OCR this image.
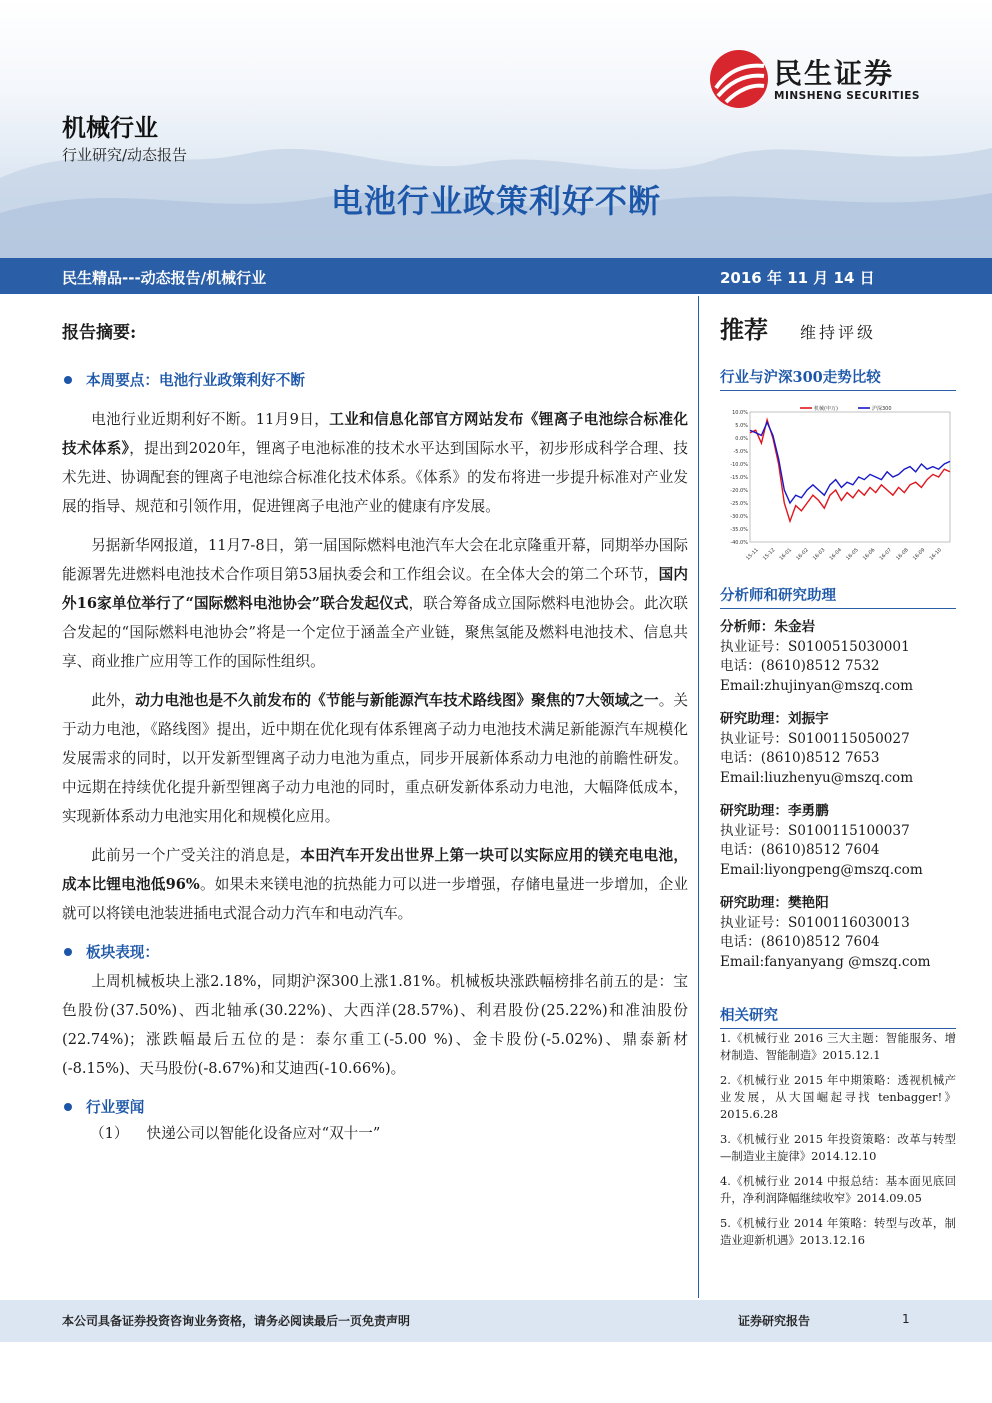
民生证券
MINSHENG SECURITIES
机械行业
行业研究/动态报告
电池行业政策利好不断
民生精品---动态报告/机械行业	2016 年 11 月 14 日
报告摘要:
本周要点：电池行业政策利好不断

电池行业近期利好不断。11月9日，工业和信息化部官方网站发布《锂离子电池综合标准化技术体系》，提出到2020年，锂离子电池标准的技术水平达到国际水平，初步形成科学合理、技术先进、协调配套的锂离子电池综合标准化技术体系。《体系》的发布将进一步提升标准对产业发展的指导、规范和引领作用，促进锂离子电池产业的健康有序发展。

另据新华网报道，11月7-8日，第一届国际燃料电池汽车大会在北京隆重开幕，同期举办国际能源署先进燃料电池技术合作项目第53届执委会和工作组会议。在全体大会的第二个环节，国内外16家单位举行了“国际燃料电池协会”联合发起仪式，联合筹备成立国际燃料电池协会。此次联合发起的“国际燃料电池协会”将是一个定位于涵盖全产业链，聚焦氢能及燃料电池技术、信息共享、商业推广应用等工作的国际性组织。

此外，动力电池也是不久前发布的《节能与新能源汽车技术路线图》聚焦的7大领域之一。关于动力电池，《路线图》提出，近中期在优化现有体系锂离子动力电池技术满足新能源汽车规模化发展需求的同时，以开发新型锂离子动力电池为重点，同步开展新体系动力电池的前瞻性研发。中远期在持续优化提升新型锂离子动力电池的同时，重点研发新体系动力电池，大幅降低成本，实现新体系动力电池实用化和规模化应用。

此前另一个广受关注的消息是，本田汽车开发出世界上第一块可以实际应用的镁充电电池，成本比锂电池低96%。如果未来镁电池的抗热能力可以进一步增强，存储电量进一步增加，企业就可以将镁电池装进插电式混合动力汽车和电动汽车。

板块表现：

上周机械板块上涨2.18%，同期沪深300上涨1.81%。机械板块涨跌幅榜排名前五的是：宝色股份(37.50%)、西北轴承(30.22%)、大西洋(28.57%)、利君股份(25.22%)和准油股份(22.74%)；涨跌幅最后五位的是：泰尔重工(-5.00 %)、金卡股份(-5.02%)、鼎泰新材(-8.15%)、天马股份(-8.67%)和艾迪西(-10.66%)。

行业要闻
（1） 快递公司以智能化设备应对“双十一”
推荐 维持评级
行业与沪深300走势比较
10.0%
5.0%
0.0%
-5.0%
-10.0%
-15.0%
-20.0%
-25.0%
-30.0%
-35.0%
-40.0%
15-11 15-12 16-01 16-02 16-03 16-04 16-05 16-06 16-07 16-08 16-09 16-10
机械(申万)	沪深300
分析师和研究助理
分析师：朱金岩
执业证号：S0100515030001
电话：(8610)8512 7532
Email:zhujinyan@mszq.com
研究助理：刘振宇
执业证号：S0100115050027
电话：(8610)8512 7653
Email:liuzhenyu@mszq.com
研究助理：李勇鹏
执业证号：S0100115100037
电话：(8610)8512 7604
Email:liyongpeng@mszq.com
研究助理：樊艳阳
执业证号：S0100116030013
电话：(8610)8512 7604
Email:fanyanyang @mszq.com
相关研究
1.《机械行业 2016 三大主题：智能服务、增材制造、智能制造》2015.12.1
2.《机械行业 2015 年中期策略：透视机械产业发展，从大国崛起寻找 tenbagger!》2015.6.28
3.《机械行业 2015 年投资策略：改革与转型—制造业主旋律》2014.12.10
4.《机械行业 2014 中报总结：基本面见底回升，净利润降幅继续收窄》2014.09.05
5.《机械行业 2014 年策略：转型与改革，制造业迎新机遇》2013.12.16
本公司具备证券投资咨询业务资格，请务必阅读最后一页免责声明	证券研究报告	1
